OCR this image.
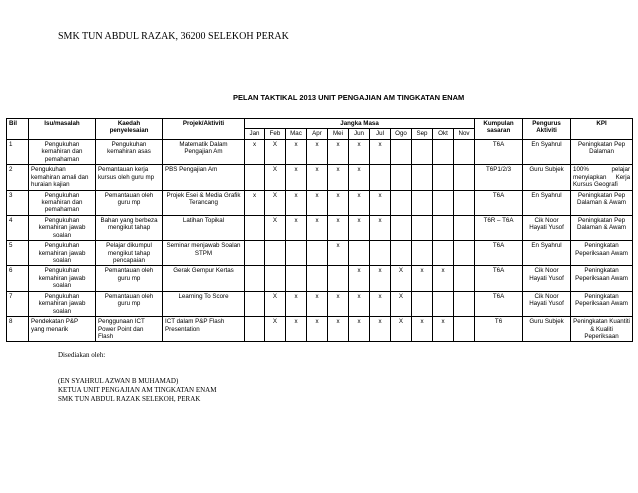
SMK TUN ABDUL RAZAK, 36200 SELEKOH PERAK
PELAN TAKTIKAL 2013 UNIT PENGAJIAN AM TINGKATAN ENAM
Bil	Isu/masalah	Kaedah penyelesaian	Projek/Aktiviti	Jangka Masa											Kumpulan sasaran	Pengurus Aktiviti	KPI
				Jan	Feb	Mac	Apr	Mei	Jun	Jul	Ogo	Sep	Okt	Nov			
1	Pengukuhan kemahiran dan pemahaman	Pengukuhan kemahiran asas	Matematik Dalam Pengajian Am	x	X	x	x	x	x	x					T6A	En Syahrul	Peningkatan Pep Dalaman
2	Pengukuhan kemahiran amali dan huraian kajian	Pemantauan kerja kursus oleh guru mp	PBS Pengajian Am		X	x	x	x	x						T6P1/2/3	Guru Subjek	100% pelajar menyiapkan Kerja Kursus Geografi
3	Pengukuhan kemahiran dan pemahaman	Pemantauan oleh guru mp	Projek Esei & Media Grafik Terancang	x	X	x	x	x	x	x					T6A	En Syahrul	Peningkatan Pep Dalaman & Awam
4	Pengukuhan kemahiran jawab soalan	Bahan yang berbeza mengikut tahap	Latihan Topikal		X	x	x	x	x	x					T6R – T6A	Cik Noor Hayati Yusof	Peningkatan Pep Dalaman & Awam
5	Pengukuhan kemahiran jawab soalan	Pelajar dikumpul mengikut tahap pencapaian	Seminar menjawab Soalan STPM					x							T6A	En Syahrul	Peningkatan Peperiksaan Awam
6	Pengukuhan kemahiran jawab soalan	Pemantauan oleh guru mp	Gerak Gempur Kertas						x	x	X	x	x		T6A	Cik Noor Hayati Yusof	Peningkatan Peperiksaan Awam
7	Pengukuhan kemahiran jawab soalan	Pemantauan oleh guru mp	Learning To Score		X	x	x	x	x	x	X				T6A	Cik Noor Hayati Yusof	Peningkatan Peperiksaan Awam
8	Pendekatan P&P yang menarik	Penggunaan ICT Power Point dan Flash	ICT dalam P&P Flash Presentation		X	x	x	x	x	x	X	x	x		T6	Guru Subjek	Peningkatan Kuantiti & Kualiti Peperiksaan
Disediakan oleh:
(EN SYAHRUL AZWAN B MUHAMAD)
KETUA UNIT PENGAJIAN AM TINGKATAN ENAM
SMK TUN ABDUL RAZAK SELEKOH, PERAK
